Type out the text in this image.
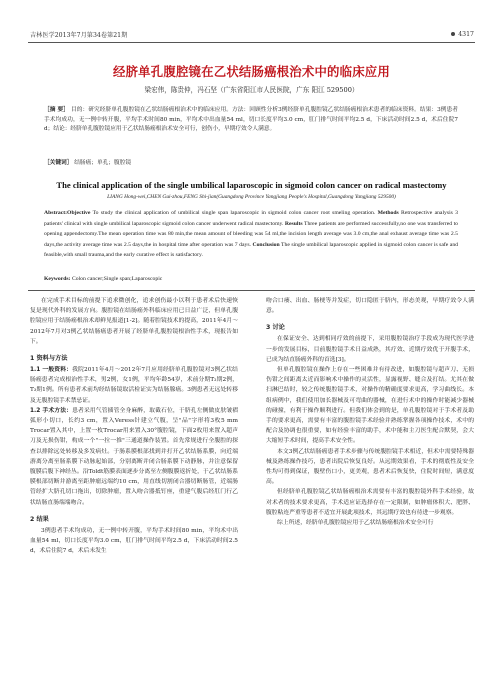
吉林医学2013年7月第34卷第21期	4317
经脐单孔腹腔镜在乙状结肠癌根治术中的临床应用
梁宏伟，陈贵仲，冯石坚（广东省阳江市人民医院，广东 阳江 529500）
［摘 要］ 目的：研究经脐单孔腹腔镜在乙状结肠癌根治术中的临床应用。方法：回顾性分析3例经脐单孔腹腔镜乙状结肠癌根治术患者的临床资料。结果：3例患者手术均成功，无一例中转开腹，平均手术时间80 min，平均术中出血量54 ml，切口长度平均3.0 cm，肛门排气时间平均2.5 d，下床活动时间2.5 d，术后住院7 d；结论：经脐单孔腹腔镜应用于乙状结肠癌根治术安全可行，创伤小，早期疗效令人满意。
［关键词］ 结肠癌；单孔；腹腔镜
The clinical application of the single umbilical laparoscopic in sigmoid colon cancer on radical mastectomy
LIANG Hong-wei,CHEN Gui-zhou,FENG Shi-jian(Guangdong Province Yangjiang People's Hospital,Guangdong Yangjiang 529500)
Abstract:Objective To study the clinical application of umbilical single span laparoscopic in sigmoid colon cancer root smeling operation. Methods Retrospective analysis 3 patients' clinical with single umbilical laparoscopic sigmoid colon cancer underwent radical mastectomy. Results Three patients are performed successfully,no one was transferred to opening appendectomy.The mean operation time was 80 min,the mean amount of bleeding was 54 ml,the incision length average was 3.0 cm,the anal exhaust average time was 2.5 days,the activity average time was 2.5 days,the in hospital time after operation was 7 days. Conclusion The single umbilical laparoscopic applied in sigmoid colon cancer is safe and feasible,with small trauma,and the early curative effect is satisfactory.
Keywords: Colon cancer;Single span;Laparoscopic

在完成手术目标的前提下追求微创化，追求创伤最小以利于患者术后快速恢复是现代外科的发展方向。腹腔镜在结肠癌外科临床应用已日益广泛，但单孔腹腔镜应用于结肠癌根治术却鲜见报道[1-2]。随着腔镜技术的提高，2011年4月～2012年7月对3例乙状结肠癌患者开展了经脐单孔腹腔镜根治性手术，现报告如下。

1 资料与方法

1.1 一般资料：我院2011年4月～2012年7月应用经脐单孔腹腔镜对3例乙状结肠癌患者完成根治性手术，男2例，女1例，平均年龄54岁，术前分期T₂期2例，T₃期1例。所有患者术前均经结肠镜取活检证实为结肠腺癌。3例患者无远处转移及无腹腔镜手术禁忌证。

1.2 手术方法：患者采用气管插管全身麻醉，取截石位，于脐孔左侧做皮肤皱褶弧形小切口，长约3 cm，置入Veress针建立气腹，呈"品"字形将3枚5 mm Trocar置入其中，上置一枚Trocar用来置入30°腹腔镜，下面2枚用来置入超声刀及无损伤钳，构成一个"一拉一推"三通道操作装置。首先常规进行全腹腔的探查以排除远处转移及多发病灶。于肠系膜根部找到并打开乙状结肠系膜，向近端游离分离至肠系膜下动脉起始部，分别离断并闭合肠系膜下动静脉，并注意保留腹膜后腹下神经丛。沿Toldt筋膜表面逐步分离至左侧腹膜返折处，于乙状结肠系膜根部切断并游离至距肿瘤远端约10 cm，用直线切割闭合器切断肠管，近端肠管经扩大脐孔切口拖出，切除肿瘤，置入吻合器抵钉座，重建气腹后经肛门行乙状结肠直肠端端吻合。

2 结果

3例患者手术均成功，无一例中转开腹，平均手术时间80 min，平均术中出血量54 ml，切口长度平均3.0 cm，肛门排气时间平均2.5 d，下床活动时间2.5 d，术后住院7 d，术后未发生

吻合口瘘、出血、肠梗等并发症，切口隐匿于脐内，形态美观，早期疗效令人满意。

3 讨论

在保证安全、达到相同疗效的前提下，采用腹腔镜治疗手段成为现代医学进一步的发展目标，目前腹腔镜手术日益成熟，其疗效、近期疗效优于开腹手术，已成为结直肠癌外科的首选[3]。

但单孔腹腔镜在操作上存在一些困难并有待改进，如腹腔镜与超声刀、无损伤钳之间距离太近而影响术中操作的灵活性，显露视野、缝合及打结。尤其在做扫淋巴结时，较之传统腹腔镜手术，对操作的精确度要求更高，学习曲线长。本组病例中，我们使用加长器械及可弯曲的器械，在进行术中的操作时能减少器械的碰撞，有利于操作顺利进行。但我们体会到的是，单孔腹腔镜对于手术者及助手的要求更高，需要有丰富的腹腔镜手术经验并熟练掌握各项操作技术，术中的配合及协调也很重要，如有经验丰富的助手，术中能和主刀医生配合默契，会大大缩短手术时间，提高手术安全性。

本文3例乙状结肠癌患者手术步骤与传统腹腔镜手术相近，但术中需要特殊器械及熟练操作技巧，患者出院后恢复良好。从远期效果看，手术的彻底性及安全性均可得到保证，腹壁伤口小，更美观，患者术后恢复快，住院时间短，满意度高。

但经脐单孔腹腔镜乙状结肠癌根治术需要有丰富的腹腔镜外科手术经验，故对术者的技术要求更高，手术适应证选择存在一定限制，如肿瘤体积大、肥胖、腹腔粘连严重等患者不适宜开展此项技术，其远期疗效也有待进一步观察。

综上所述，经脐单孔腹腔镜应用于乙状结肠癌根治术安全可行
